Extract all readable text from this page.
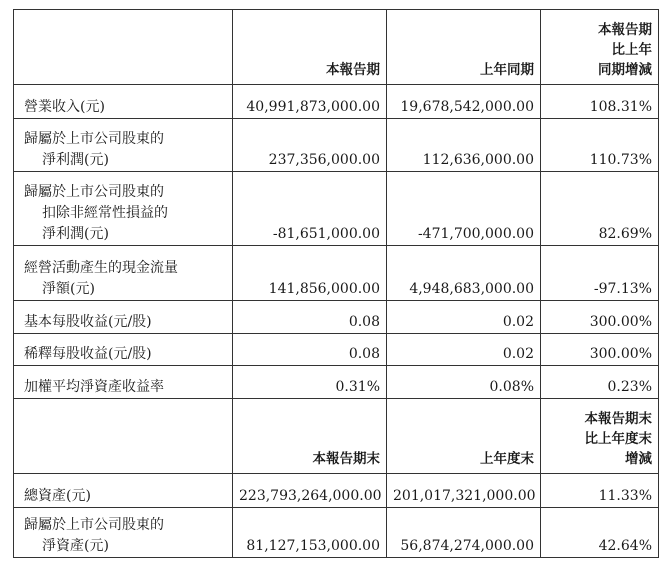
	本報告期	上年同期	本報告期
比上年
同期增減

營業收入(元)	40,991,873,000.00	19,678,542,000.00	108.31%

歸屬於上市公司股東的
淨利潤(元)	237,356,000.00	112,636,000.00	110.73%

歸屬於上市公司股東的
扣除非經常性損益的
淨利潤(元)	-81,651,000.00	-471,700,000.00	82.69%

經營活動產生的現金流量
淨額(元)	141,856,000.00	4,948,683,000.00	-97.13%
基本每股收益(元/股)	0.08	0.02	300.00%
稀釋每股收益(元/股)	0.08	0.02	300.00%
加權平均淨資產收益率	0.31%	0.08%	0.23%
	本報告期末	上年度末	本報告期末
比上年度末
增減

總資產(元)	223,793,264,000.00	201,017,321,000.00	11.33%

歸屬於上市公司股東的
淨資產(元)	81,127,153,000.00	56,874,274,000.00	42.64%
